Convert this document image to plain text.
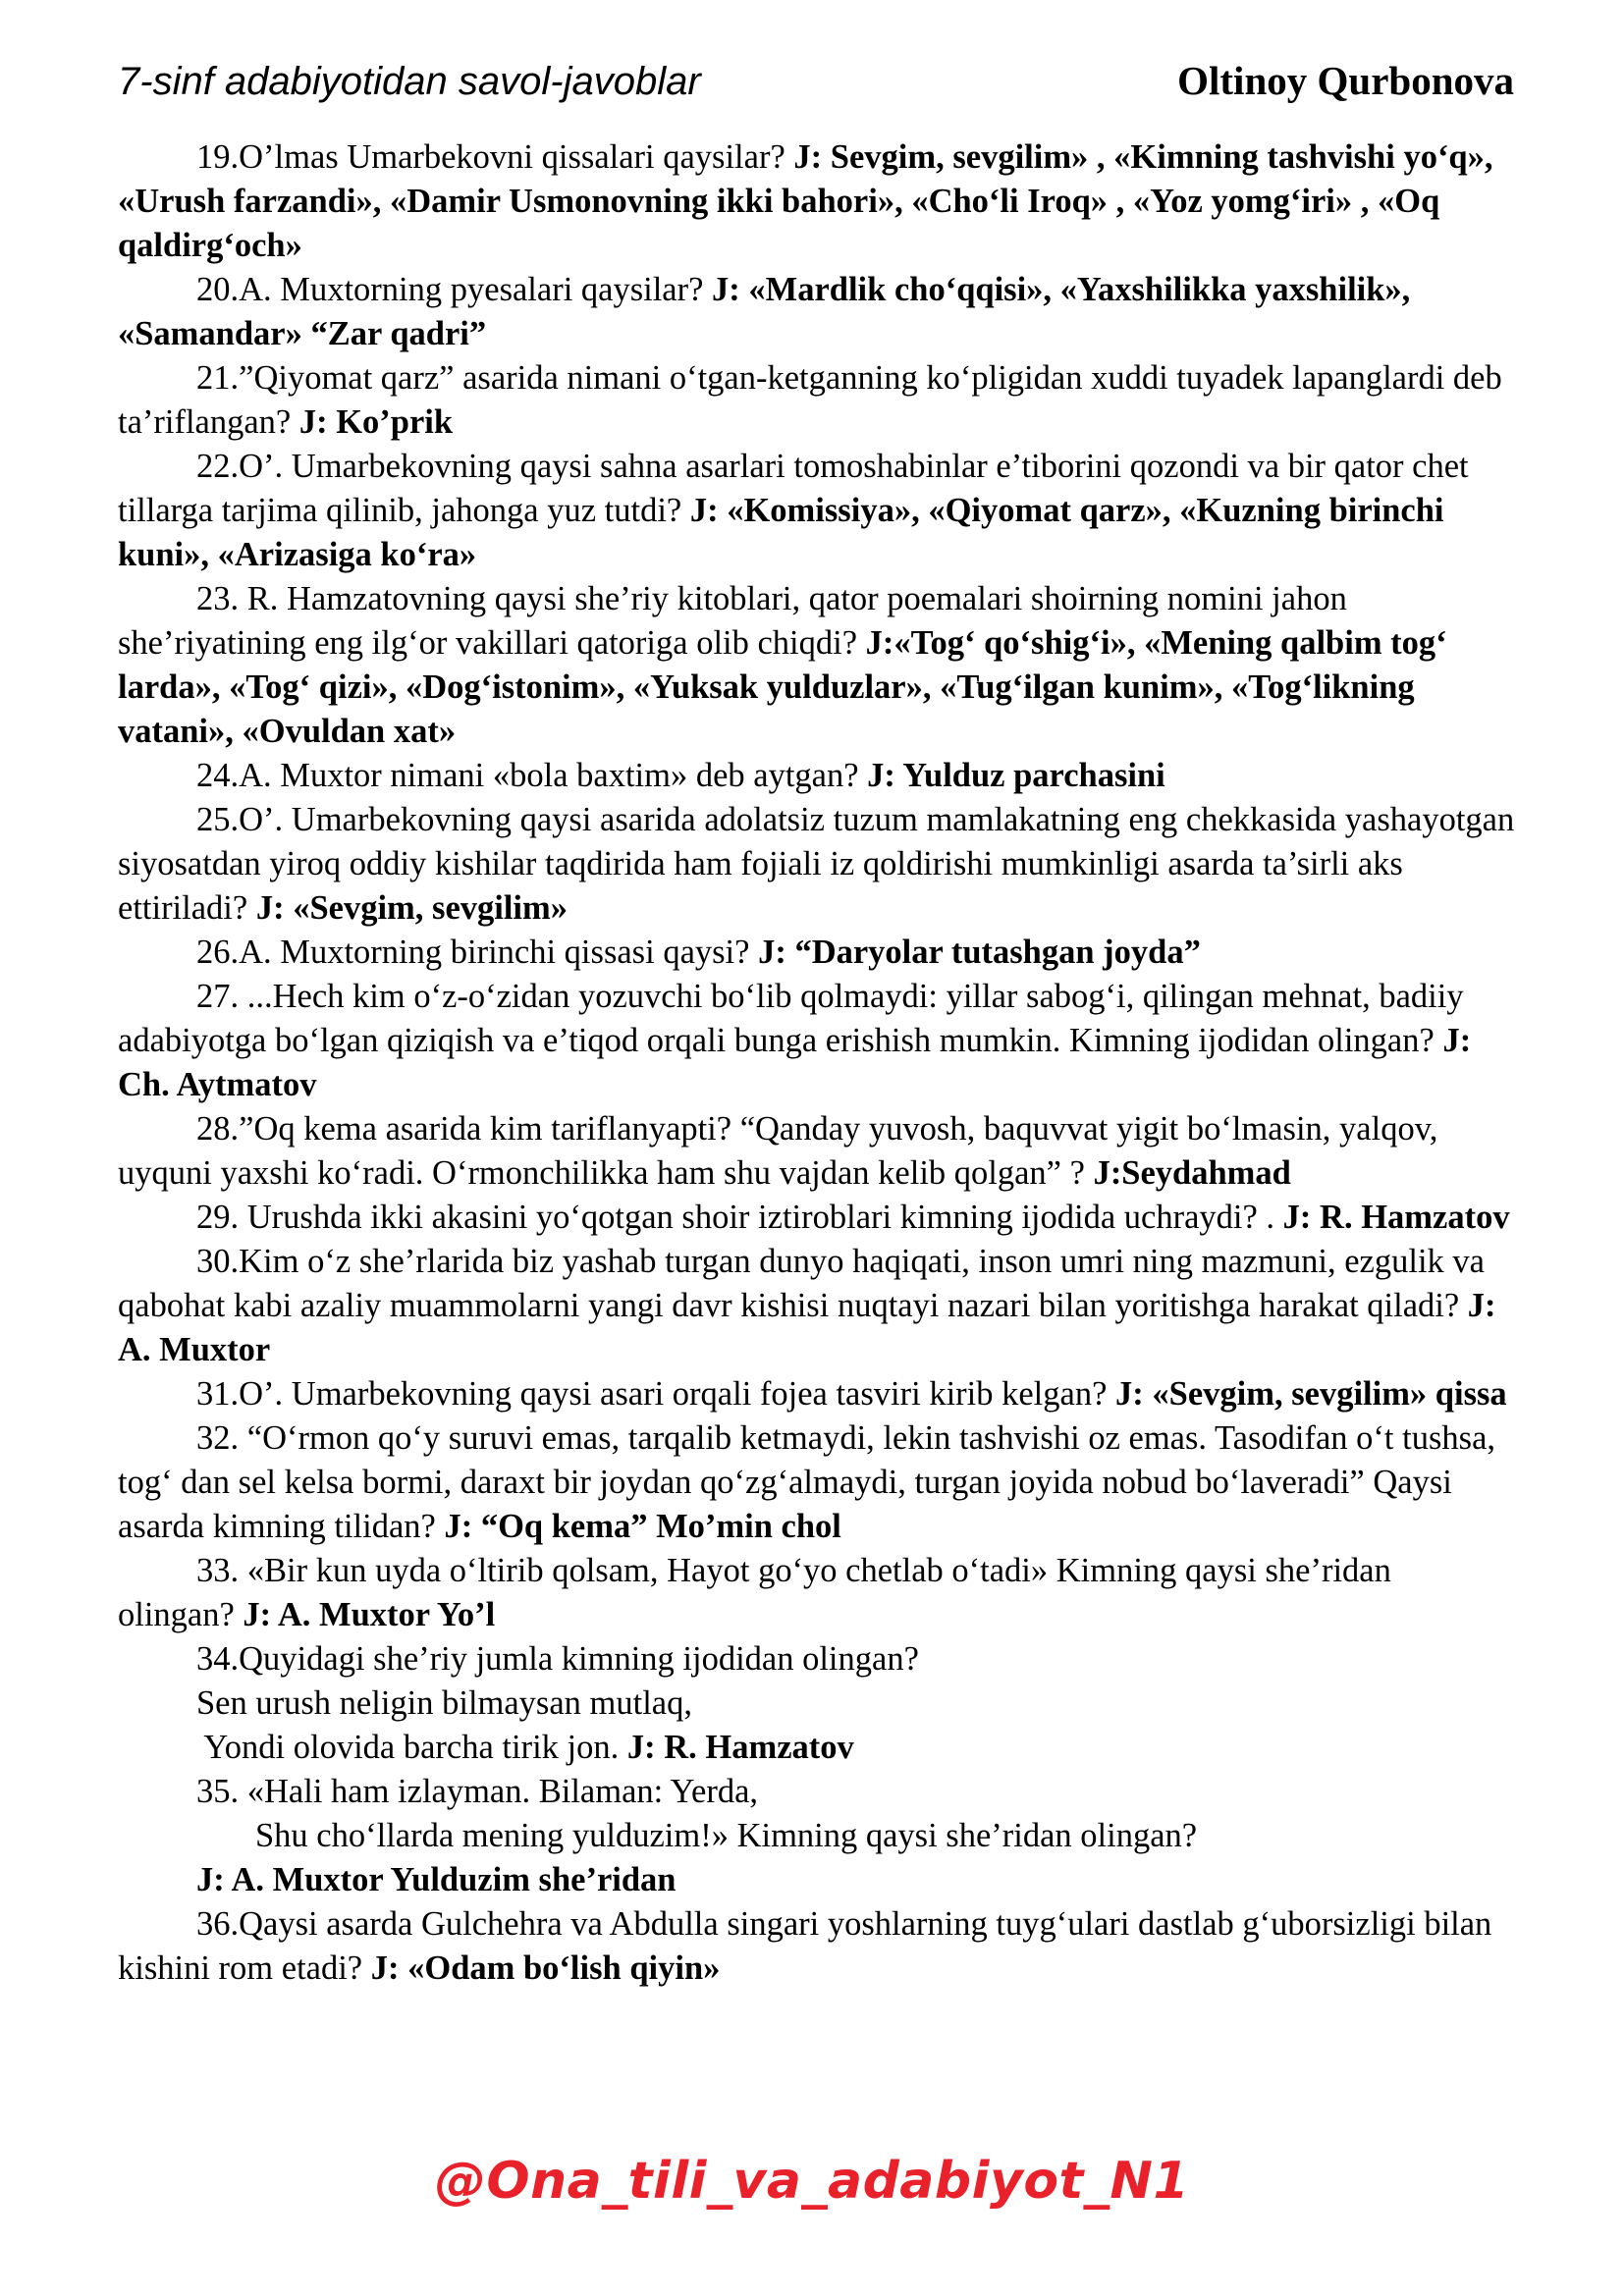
7-sinf adabiyotidan savol-javoblar	Oltinoy Qurbonova

19.O’lmas Umarbekovni qissalari qaysilar? J: Sevgim, sevgilim» , «Kimning tashvishi yo‘q», «Urush farzandi», «Damir Usmonovning ikki bahori», «Cho‘li Iroq» , «Yoz yomg‘iri» , «Oq qaldirg‘och»

20.A. Muxtorning pyesalari qaysilar? J: «Mardlik cho‘qqisi», «Yaxshilikka yaxshilik», «Samandar» “Zar qadri”

21.”Qiyomat qarz” asarida nimani o‘tgan-ketganning ko‘pligidan xuddi tuyadek lapanglardi deb ta’riflangan? J: Ko’prik

22.O’. Umarbekovning qaysi sahna asarlari tomoshabinlar e’tiborini qozondi va bir qator chet tillarga tarjima qilinib, jahonga yuz tutdi? J: «Komissiya», «Qiyomat qarz», «Kuzning birinchi kuni», «Arizasiga ko‘ra»

23. R. Hamzatovning qaysi she’riy kitoblari, qator poemalari shoirning nomini jahon she’riyatining eng ilg‘or vakillari qatoriga olib chiqdi? J:«Tog‘ qo‘shig‘i», «Mening qalbim tog‘ larda», «Tog‘ qizi», «Dog‘istonim», «Yuksak yulduzlar», «Tug‘ilgan kunim», «Tog‘likning vatani», «Ovuldan xat»

24.A. Muxtor nimani «bola baxtim» deb aytgan? J: Yulduz parchasini

25.O’. Umarbekovning qaysi asarida adolatsiz tuzum mamlakatning eng chekkasida yashayotgan siyosatdan yiroq oddiy kishilar taqdirida ham fojiali iz qoldirishi mumkinligi asarda ta’sirli aks ettiriladi? J: «Sevgim, sevgilim»

26.A. Muxtorning birinchi qissasi qaysi? J: “Daryolar tutashgan joyda”

27. ...Hech kim o‘z-o‘zidan yozuvchi bo‘lib qolmaydi: yillar sabog‘i, qilingan mehnat, badiiy adabiyotga bo‘lgan qiziqish va e’tiqod orqali bunga erishish mumkin. Kimning ijodidan olingan? J: Ch. Aytmatov

28.”Oq kema asarida kim tariflanyapti? “Qanday yuvosh, baquvvat yigit bo‘lmasin, yalqov, uyquni yaxshi ko‘radi. O‘rmonchilikka ham shu vajdan kelib qolgan” ? J:Seydahmad

29. Urushda ikki akasini yo‘qotgan shoir iztiroblari kimning ijodida uchraydi? . J: R. Hamzatov

30.Kim o‘z she’rlarida biz yashab turgan dunyo haqiqati, inson umri ning mazmuni, ezgulik va qabohat kabi azaliy muammolarni yangi davr kishisi nuqtayi nazari bilan yoritishga harakat qiladi? J: A. Muxtor

31.O’. Umarbekovning qaysi asari orqali fojea tasviri kirib kelgan? J: «Sevgim, sevgilim» qissa

32. “O‘rmon qo‘y suruvi emas, tarqalib ketmaydi, lekin tashvishi oz emas. Tasodifan o‘t tushsa, tog‘ dan sel kelsa bormi, daraxt bir joydan qo‘zg‘almaydi, turgan joyida nobud bo‘laveradi” Qaysi asarda kimning tilidan? J: “Oq kema” Mo’min chol

33. «Bir kun uyda o‘ltirib qolsam, Hayot go‘yo chetlab o‘tadi» Kimning qaysi she’ridan olingan? J: A. Muxtor Yo’l

34.Quyidagi she’riy jumla kimning ijodidan olingan?

Sen urush neligin bilmaysan mutlaq,

Yondi olovida barcha tirik jon. J: R. Hamzatov

35. «Hali ham izlayman. Bilaman: Yerda,

Shu cho‘llarda mening yulduzim!» Kimning qaysi she’ridan olingan?

J: A. Muxtor Yulduzim she’ridan

36.Qaysi asarda Gulchehra va Abdulla singari yoshlarning tuyg‘ulari dastlab g‘uborsizligi bilan kishini rom etadi? J: «Odam bo‘lish qiyin»

@Ona_tili_va_adabiyot_N1
